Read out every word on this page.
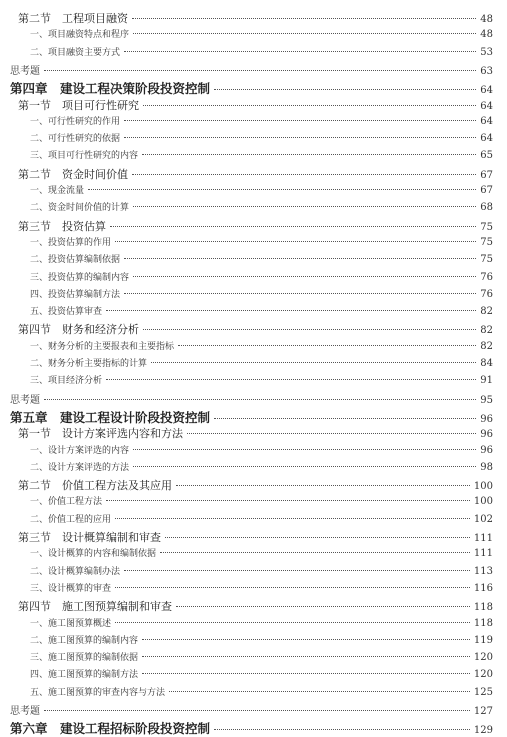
第二节　工程项目融资	48
一、项目融资特点和程序	48
二、项目融资主要方式	53
思考题	63
第四章　建设工程决策阶段投资控制	64
第一节　项目可行性研究	64
一、可行性研究的作用	64
二、可行性研究的依据	64
三、项目可行性研究的内容	65
第二节　资金时间价值	67
一、现金流量	67
二、资金时间价值的计算	68
第三节　投资估算	75
一、投资估算的作用	75
二、投资估算编制依据	75
三、投资估算的编制内容	76
四、投资估算编制方法	76
五、投资估算审查	82
第四节　财务和经济分析	82
一、财务分析的主要报表和主要指标	82
二、财务分析主要指标的计算	84
三、项目经济分析	91
思考题	95
第五章　建设工程设计阶段投资控制	96
第一节　设计方案评选内容和方法	96
一、设计方案评选的内容	96
二、设计方案评选的方法	98
第二节　价值工程方法及其应用	100
一、价值工程方法	100
二、价值工程的应用	102
第三节　设计概算编制和审查	111
一、设计概算的内容和编制依据	111
二、设计概算编制办法	113
三、设计概算的审查	116
第四节　施工图预算编制和审查	118
一、施工图预算概述	118
二、施工图预算的编制内容	119
三、施工图预算的编制依据	120
四、施工图预算的编制方法	120
五、施工图预算的审查内容与方法	125
思考题	127
第六章　建设工程招标阶段投资控制	129
